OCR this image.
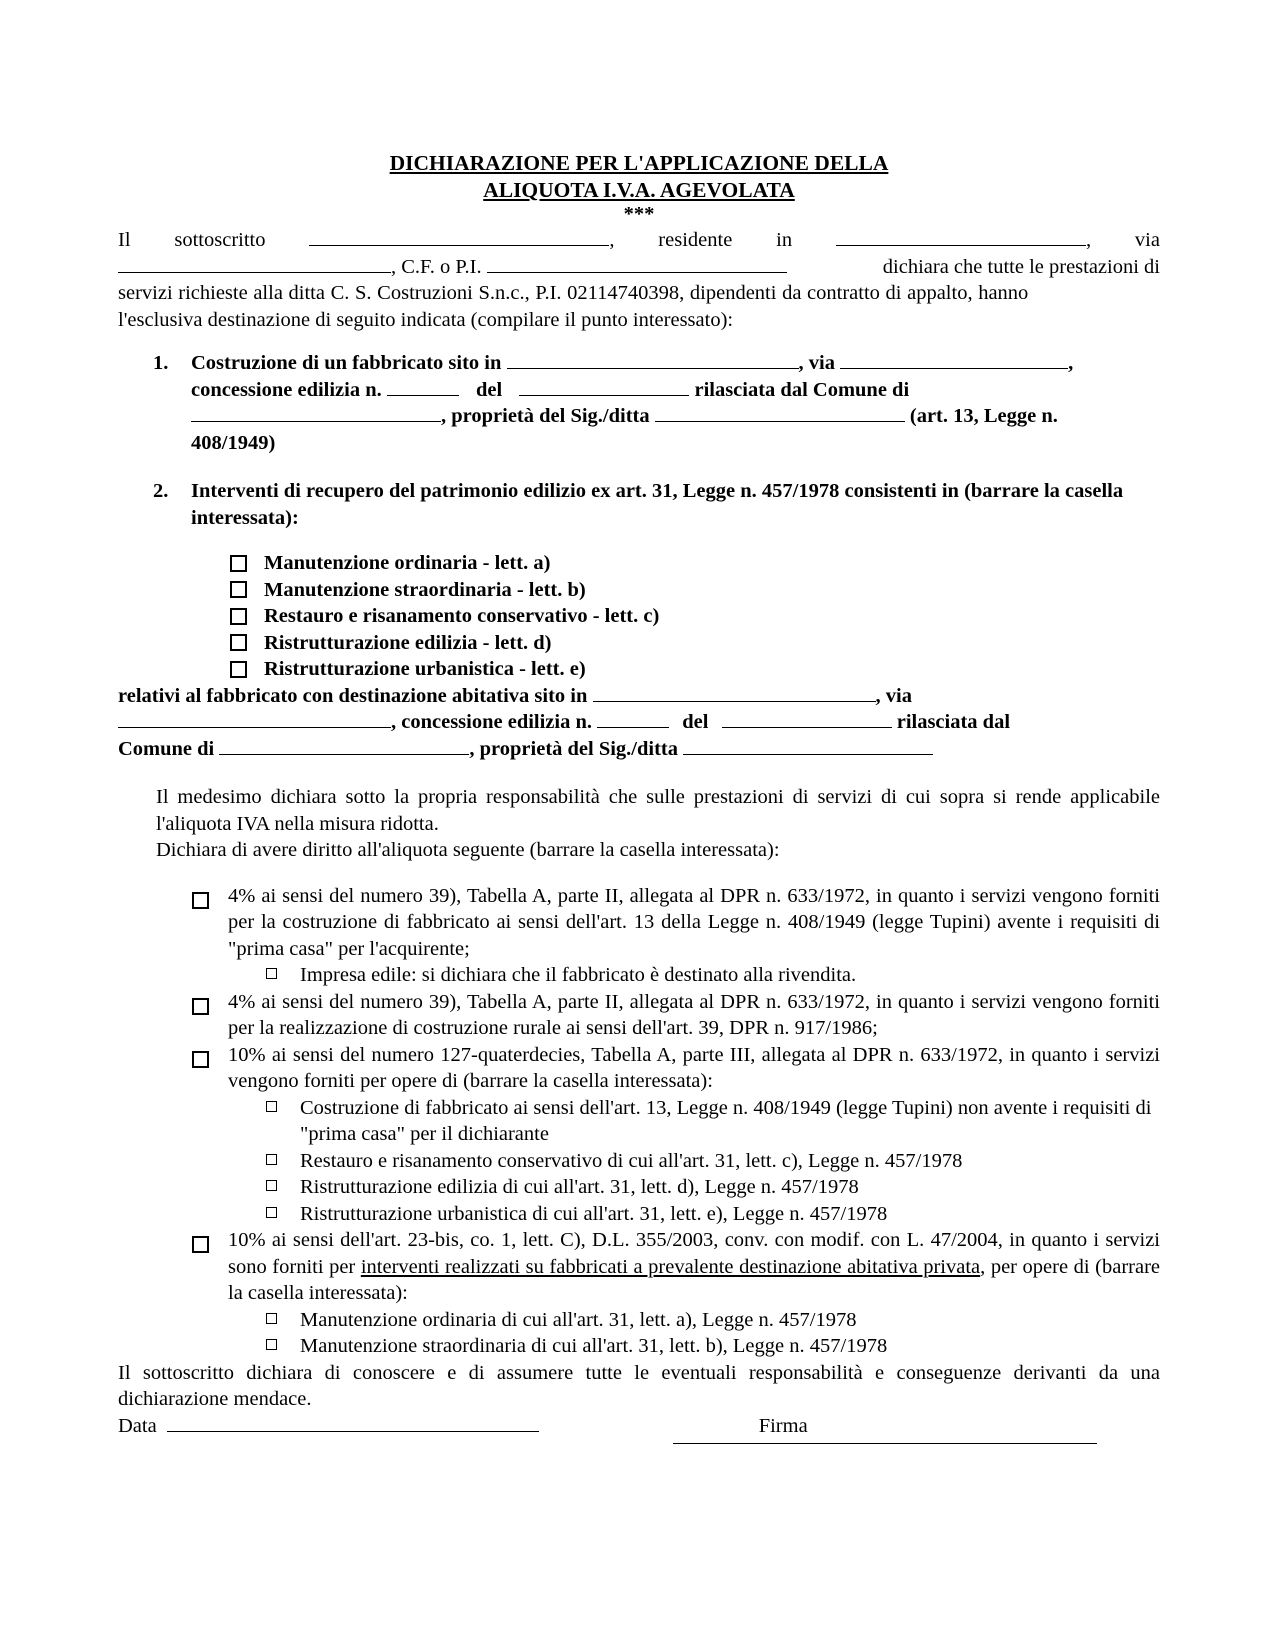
DICHIARAZIONE PER L'APPLICAZIONE DELLA
ALIQUOTA I.V.A. AGEVOLATA
***
Il sottoscritto	, residente in	, via
, C.F. o P.I.	dichiara che tutte le prestazioni di
servizi richieste alla ditta C. S. Costruzioni S.n.c., P.I. 02114740398, dipendenti da contratto di appalto, hanno
l'esclusiva destinazione di seguito indicata (compilare il punto interessato):
1.	Costruzione di un fabbricato sito in	, via	,
concessione edilizia n.	del	rilasciata dal Comune di
, proprietà del Sig./ditta	(art. 13, Legge n.
408/1949)
2.	Interventi di recupero del patrimonio edilizio ex art. 31, Legge n. 457/1978 consistenti in (barrare la casella interessata):
Manutenzione ordinaria - lett. a)
Manutenzione straordinaria - lett. b)
Restauro e risanamento conservativo - lett. c)
Ristrutturazione edilizia - lett. d)
Ristrutturazione urbanistica - lett. e)
relativi al fabbricato con destinazione abitativa sito in	, via
, concessione edilizia n.	del	rilasciata dal
Comune di	, proprietà del Sig./ditta
Il medesimo dichiara sotto la propria responsabilità che sulle prestazioni di servizi di cui sopra si rende applicabile l'aliquota IVA nella misura ridotta.
Dichiara di avere diritto all'aliquota seguente (barrare la casella interessata):
4% ai sensi del numero 39), Tabella A, parte II, allegata al DPR n. 633/1972, in quanto i servizi vengono forniti per la costruzione di fabbricato ai sensi dell'art. 13 della Legge n. 408/1949 (legge Tupini) avente i requisiti di "prima casa" per l'acquirente;
Impresa edile: si dichiara che il fabbricato è destinato alla rivendita.
4% ai sensi del numero 39), Tabella A, parte II, allegata al DPR n. 633/1972, in quanto i servizi vengono forniti per la realizzazione di costruzione rurale ai sensi dell'art. 39, DPR n. 917/1986;
10% ai sensi del numero 127-quaterdecies, Tabella A, parte III, allegata al DPR n. 633/1972, in quanto i servizi vengono forniti per opere di (barrare la casella interessata):
Costruzione di fabbricato ai sensi dell'art. 13, Legge n. 408/1949 (legge Tupini) non avente i requisiti di "prima casa" per il dichiarante
Restauro e risanamento conservativo di cui all'art. 31, lett. c), Legge n. 457/1978
Ristrutturazione edilizia di cui all'art. 31, lett. d), Legge n. 457/1978
Ristrutturazione urbanistica di cui all'art. 31, lett. e), Legge n. 457/1978
10% ai sensi dell'art. 23-bis, co. 1, lett. C), D.L. 355/2003, conv. con modif. con L. 47/2004, in quanto i servizi sono forniti per interventi realizzati su fabbricati a prevalente destinazione abitativa privata, per opere di (barrare la casella interessata):
Manutenzione ordinaria di cui all'art. 31, lett. a), Legge n. 457/1978
Manutenzione straordinaria di cui all'art. 31, lett. b), Legge n. 457/1978
Il sottoscritto dichiara di conoscere e di assumere tutte le eventuali responsabilità e conseguenze derivanti da una dichiarazione mendace.
Data	Firma
